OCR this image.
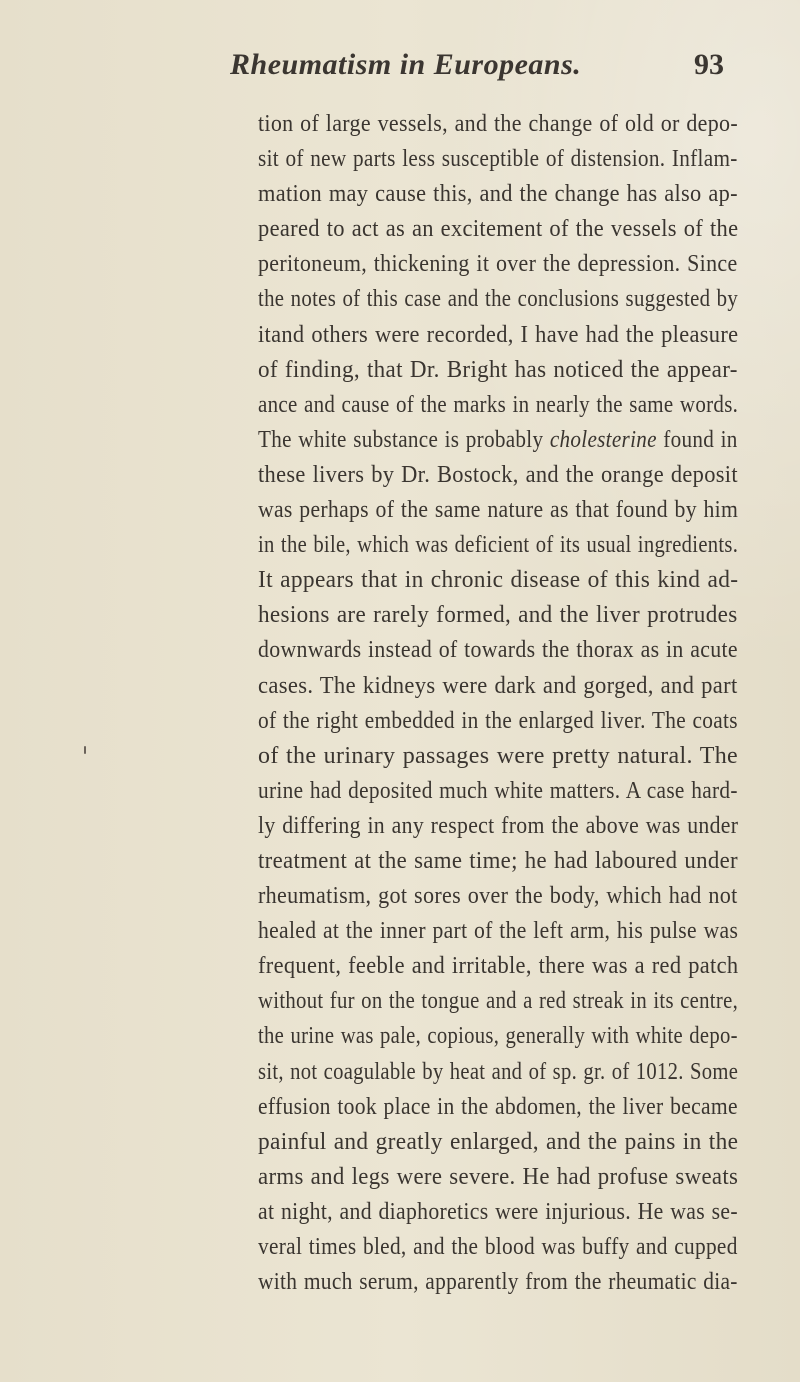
Rheumatism in Europeans.	93
tion of large vessels, and the change of old or depo-
sit of new parts less susceptible of distension. Inflam-
mation may cause this, and the change has also ap-
peared to act as an excitement of the vessels of the
peritoneum, thickening it over the depression. Since
the notes of this case and the conclusions suggested by
itand others were recorded, I have had the pleasure
of finding, that Dr. Bright has noticed the appear-
ance and cause of the marks in nearly the same words.
The white substance is probably cholesterine found in
these livers by Dr. Bostock, and the orange deposit
was perhaps of the same nature as that found by him
in the bile, which was deficient of its usual ingredients.
It appears that in chronic disease of this kind ad-
hesions are rarely formed, and the liver protrudes
downwards instead of towards the thorax as in acute
cases. The kidneys were dark and gorged, and part
of the right embedded in the enlarged liver. The coats
of the urinary passages were pretty natural. The
urine had deposited much white matters. A case hard-
ly differing in any respect from the above was under
treatment at the same time; he had laboured under
rheumatism, got sores over the body, which had not
healed at the inner part of the left arm, his pulse was
frequent, feeble and irritable, there was a red patch
without fur on the tongue and a red streak in its centre,
the urine was pale, copious, generally with white depo-
sit, not coagulable by heat and of sp. gr. of 1012. Some
effusion took place in the abdomen, the liver became
painful and greatly enlarged, and the pains in the
arms and legs were severe. He had profuse sweats
at night, and diaphoretics were injurious. He was se-
veral times bled, and the blood was buffy and cupped
with much serum, apparently from the rheumatic dia-
